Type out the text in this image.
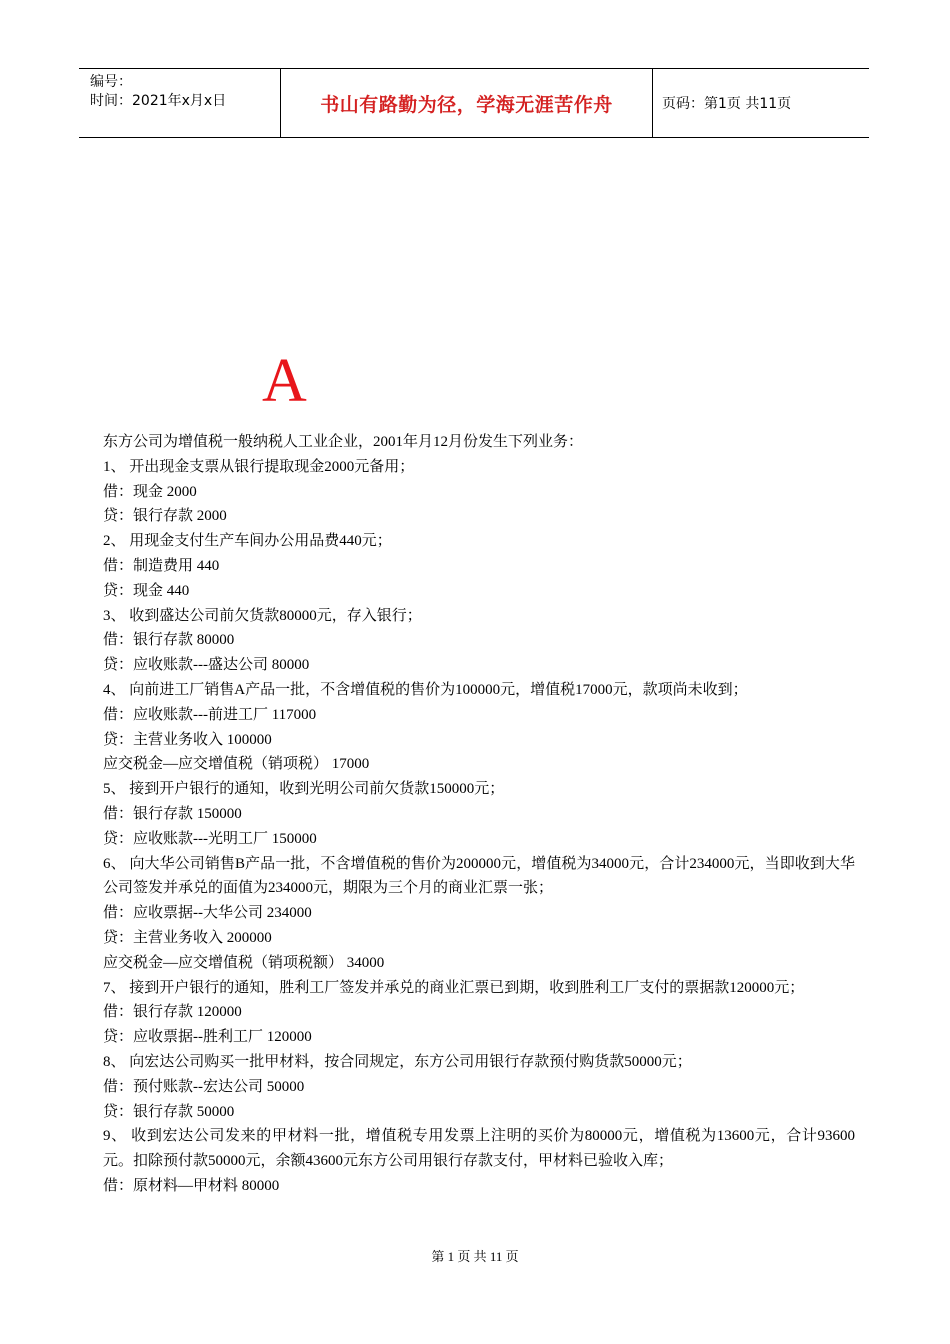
编号：
时间：2021年x月x日	书山有路勤为径，学海无涯苦作舟	页码：第1页 共11页
A
东方公司为增值税一般纳税人工业企业，2001年月12月份发生下列业务：
1、 开出现金支票从银行提取现金2000元备用；
借：现金 2000
贷：银行存款 2000
2、 用现金支付生产车间办公用品费440元；
借：制造费用 440
贷：现金 440
3、 收到盛达公司前欠货款80000元，存入银行；
借：银行存款 80000
贷：应收账款---盛达公司 80000
4、 向前进工厂销售A产品一批，不含增值税的售价为100000元，增值税17000元，款项尚未收到；
借：应收账款---前进工厂 117000
贷：主营业务收入 100000
应交税金—应交增值税（销项税） 17000
5、 接到开户银行的通知，收到光明公司前欠货款150000元；
借：银行存款 150000
贷：应收账款---光明工厂 150000
6、 向大华公司销售B产品一批，不含增值税的售价为200000元，增值税为34000元，合计234000元，当即收到大华公司签发并承兑的面值为234000元，期限为三个月的商业汇票一张；
借：应收票据--大华公司 234000
贷：主营业务收入 200000
应交税金—应交增值税（销项税额） 34000
7、 接到开户银行的通知，胜利工厂签发并承兑的商业汇票已到期，收到胜利工厂支付的票据款120000元；
借：银行存款 120000
贷：应收票据--胜利工厂 120000
8、 向宏达公司购买一批甲材料，按合同规定，东方公司用银行存款预付购货款50000元；
借：预付账款--宏达公司 50000
贷：银行存款 50000
9、 收到宏达公司发来的甲材料一批，增值税专用发票上注明的买价为80000元，增值税为13600元，合计93600元。扣除预付款50000元，余额43600元东方公司用银行存款支付，甲材料已验收入库；
借：原材料—甲材料 80000
第 1 页 共 11 页
